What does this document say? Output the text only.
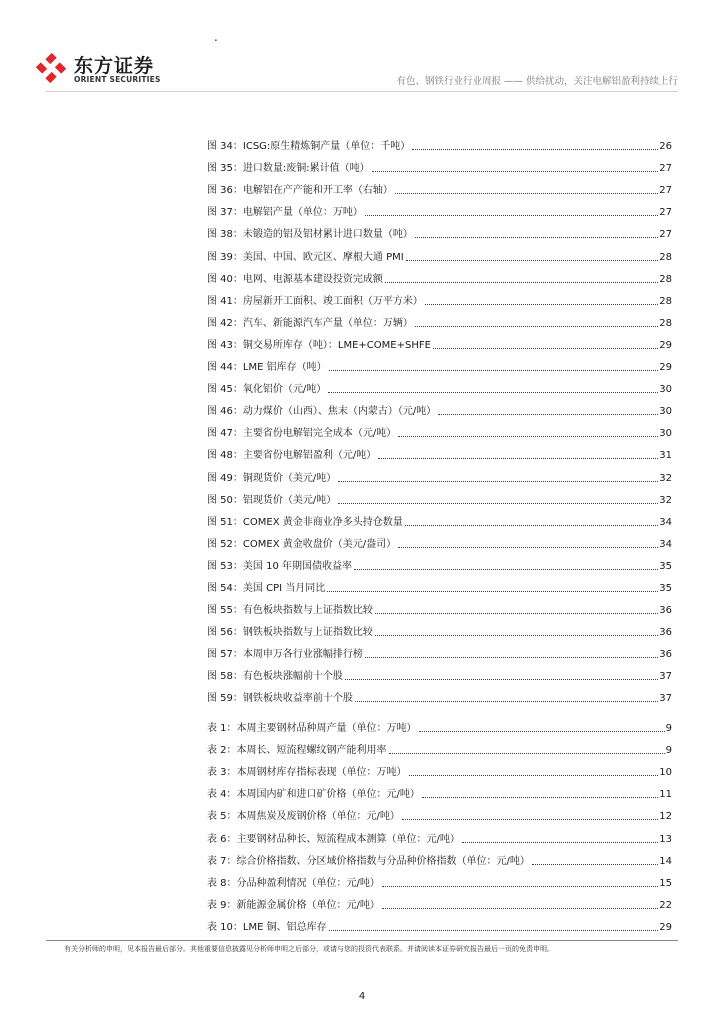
.
东方证券
ORIENT SECURITIES	有色、钢铁行业行业周报 —— 供给扰动，关注电解铝盈利持续上行
图 34：ICSG:原生精炼铜产量（单位：千吨）	26
图 35：进口数量:废铜:累计值（吨）	27
图 36：电解铝在产产能和开工率（右轴）	27
图 37：电解铝产量（单位：万吨）	27
图 38：未锻造的铝及铝材累计进口数量（吨）	27
图 39：美国、中国、欧元区、摩根大通 PMI	28
图 40：电网、电源基本建设投资完成额	28
图 41：房屋新开工面积、竣工面积（万平方米）	28
图 42：汽车、新能源汽车产量（单位：万辆）	28
图 43：铜交易所库存（吨）：LME+COME+SHFE	29
图 44：LME 铝库存（吨）	29
图 45：氧化铝价（元/吨）	30
图 46：动力煤价（山西）、焦末（内蒙古）（元/吨）	30
图 47：主要省份电解铝完全成本（元/吨）	30
图 48：主要省份电解铝盈利（元/吨）	31
图 49：铜现货价（美元/吨）	32
图 50：铝现货价（美元/吨）	32
图 51：COMEX 黄金非商业净多头持仓数量	34
图 52：COMEX 黄金收盘价（美元/盎司）	34
图 53：美国 10 年期国债收益率	35
图 54：美国 CPI 当月同比	35
图 55：有色板块指数与上证指数比较	36
图 56：钢铁板块指数与上证指数比较	36
图 57：本周申万各行业涨幅排行榜	36
图 58：有色板块涨幅前十个股	37
图 59：钢铁板块收益率前十个股	37
表 1：本周主要钢材品种周产量（单位：万吨）	9
表 2：本周长、短流程螺纹钢产能利用率	9
表 3：本周钢材库存指标表现（单位：万吨）	10
表 4：本周国内矿和进口矿价格（单位：元/吨）	11
表 5：本周焦炭及废钢价格（单位：元/吨）	12
表 6：主要钢材品种长、短流程成本测算（单位：元/吨）	13
表 7：综合价格指数、分区域价格指数与分品种价格指数（单位：元/吨）	14
表 8：分品种盈利情况（单位：元/吨）	15
表 9：新能源金属价格（单位：元/吨）	22
表 10：LME 铜、铝总库存	29
有关分析师的申明，见本报告最后部分。其他重要信息披露见分析师申明之后部分，或请与您的投资代表联系。并请阅读本证券研究报告最后一页的免责申明。
4
